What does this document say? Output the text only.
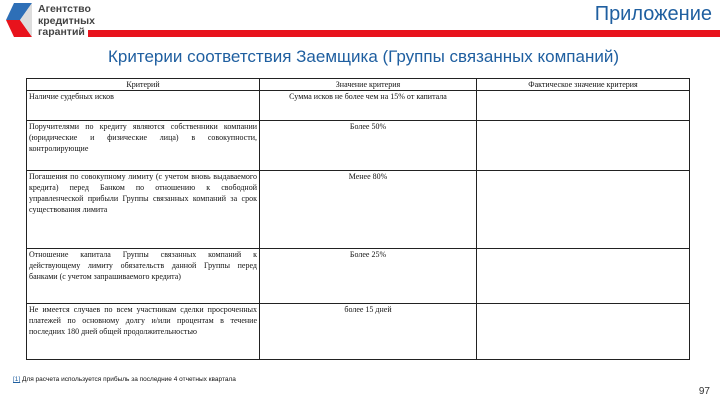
Агентство
кредитных
гарантий
Приложение
Критерии соответствия Заемщика (Группы связанных компаний)
Критерий	Значение критерия	Фактическое значение критерия
Наличие судебных исков	Сумма исков не более чем на 15% от капитала	
Поручителями по кредиту являются собственники компании (юридические и физические лица) в совокупности, контролирующие	Более 50%	
Погашения по совокупному лимиту (с учетом вновь выдаваемого кредита) перед Банком по отношению к свободной управленческой прибыли Группы связанных компаний за срок существования лимита	Менее 80%	
Отношение капитала Группы связанных компаний к действующему лимиту обязательств данной Группы перед банками (с учетом запрашиваемого кредита)	Более 25%	
Не имеется случаев по всем участникам сделки просроченных платежей по основному долгу и/или процентам в течение последних 180 дней общей продолжительностью	более 15 дней	
[1] Для расчета используется прибыль за последние 4 отчетных квартала
97
